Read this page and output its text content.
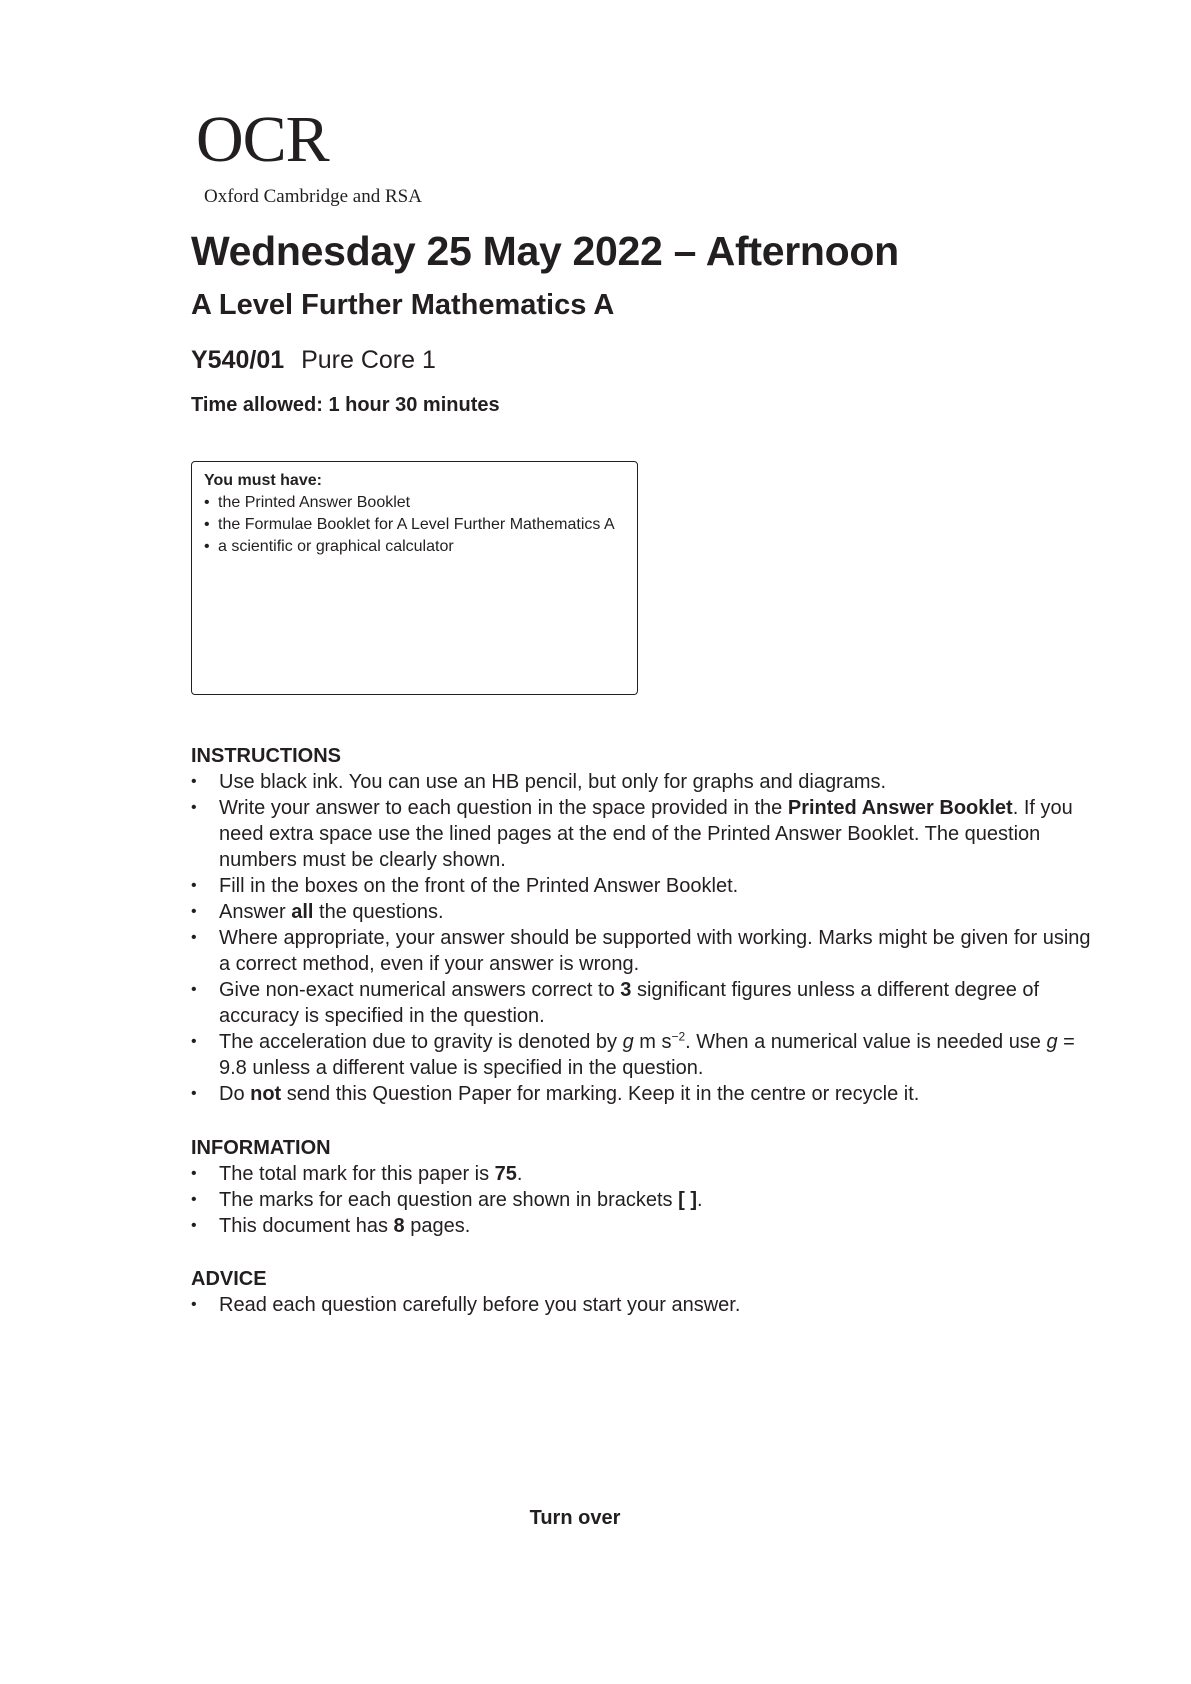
OCR
Oxford Cambridge and RSA
Wednesday 25 May 2022 – Afternoon
A Level Further Mathematics A
Y540/01 Pure Core 1
Time allowed: 1 hour 30 minutes
You must have:
• the Printed Answer Booklet
• the Formulae Booklet for A Level Further Mathematics A
• a scientific or graphical calculator
INSTRUCTIONS
• Use black ink. You can use an HB pencil, but only for graphs and diagrams.
• Write your answer to each question in the space provided in the Printed Answer Booklet. If you need extra space use the lined pages at the end of the Printed Answer Booklet. The question numbers must be clearly shown.
• Fill in the boxes on the front of the Printed Answer Booklet.
• Answer all the questions.
• Where appropriate, your answer should be supported with working. Marks might be given for using a correct method, even if your answer is wrong.
• Give non-exact numerical answers correct to 3 significant figures unless a different degree of accuracy is specified in the question.
• The acceleration due to gravity is denoted by g m $s^{-2}$. When a numerical value is needed use g = 9.8 unless a different value is specified in the question.
• Do not send this Question Paper for marking. Keep it in the centre or recycle it.
INFORMATION
• The total mark for this paper is 75.
• The marks for each question are shown in brackets [ ].
• This document has 8 pages.
ADVICE
• Read each question carefully before you start your answer.
Turn over
